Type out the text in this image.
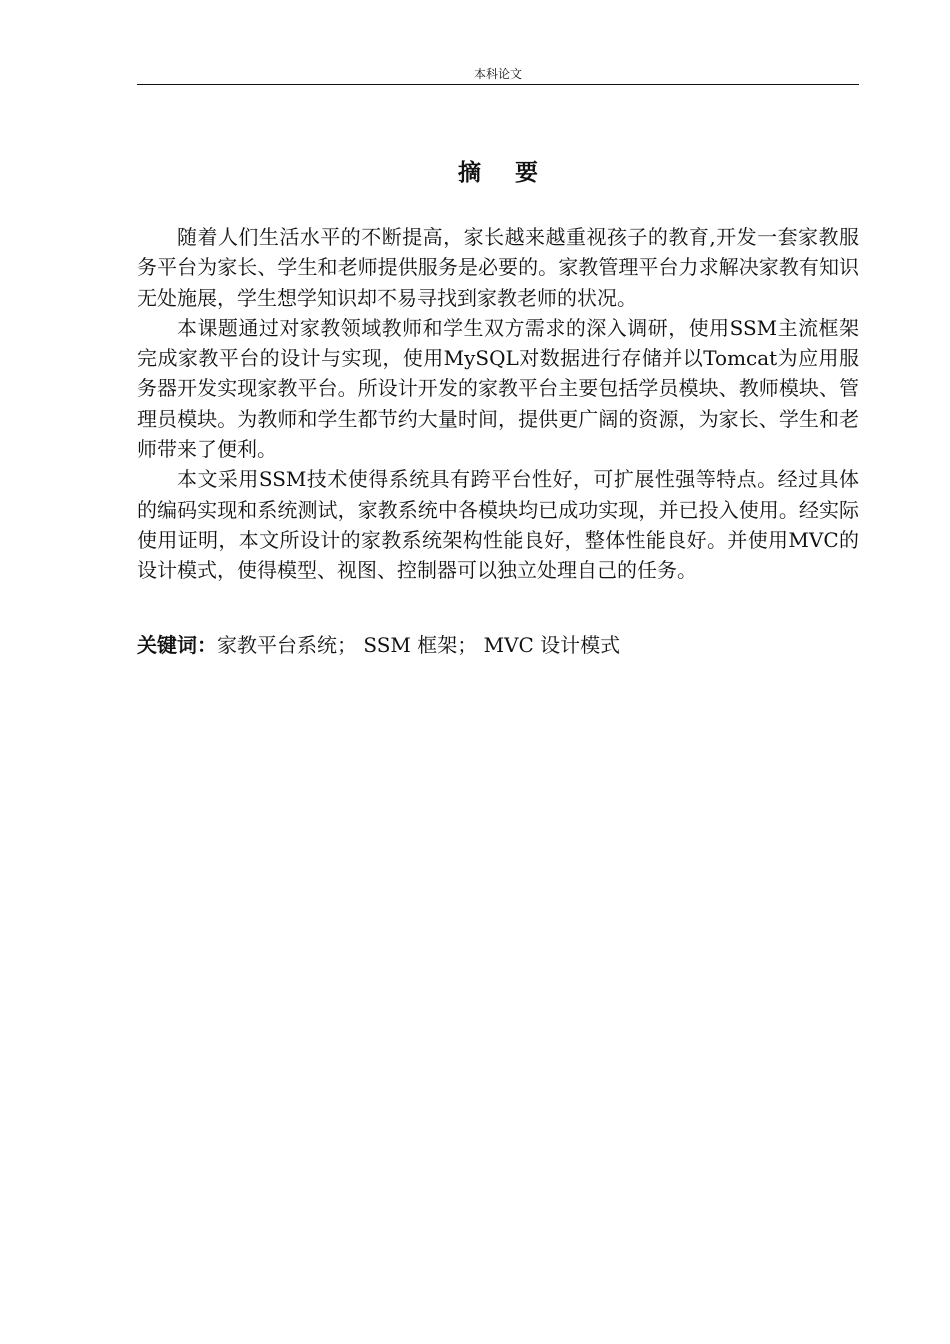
本科论文
摘要

随着人们生活水平的不断提高，家长越来越重视孩子的教育,开发一套家教服务平台为家长、学生和老师提供服务是必要的。家教管理平台力求解决家教有知识无处施展，学生想学知识却不易寻找到家教老师的状况。

本课题通过对家教领域教师和学生双方需求的深入调研，使用SSM主流框架完成家教平台的设计与实现，使用MySQL对数据进行存储并以Tomcat为应用服务器开发实现家教平台。所设计开发的家教平台主要包括学员模块、教师模块、管理员模块。为教师和学生都节约大量时间，提供更广阔的资源，为家长、学生和老师带来了便利。

本文采用SSM技术使得系统具有跨平台性好，可扩展性强等特点。经过具体的编码实现和系统测试，家教系统中各模块均已成功实现，并已投入使用。经实际使用证明，本文所设计的家教系统架构性能良好，整体性能良好。并使用MVC的设计模式，使得模型、视图、控制器可以独立处理自己的任务。

关键词：家教平台系统； SSM 框架； MVC 设计模式
